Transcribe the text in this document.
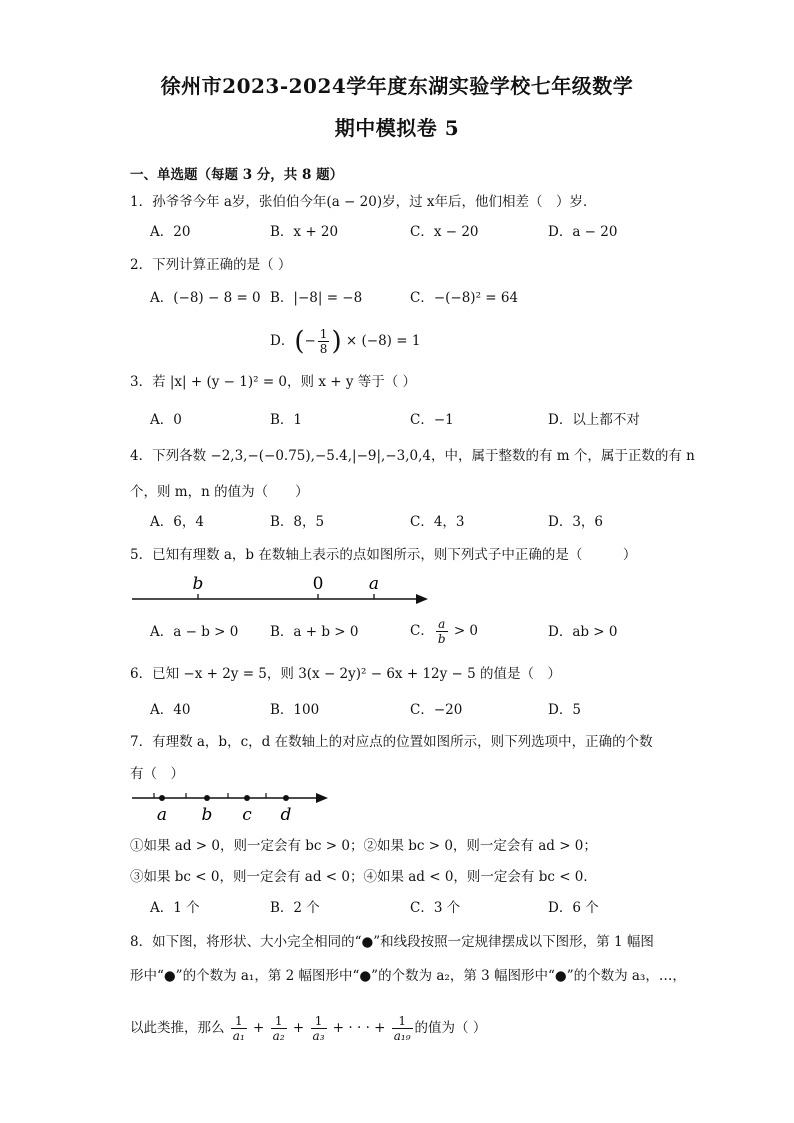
徐州市2023-2024学年度东湖实验学校七年级数学
期中模拟卷 5
一、单选题（每题 3 分，共 8 题）
1．孙爷爷今年 a岁，张伯伯今年(a − 20)岁，过 x年后，他们相差（　）岁．
A．20	B．x + 20	C．x − 20	D．a − 20
2．下列计算正确的是（ ）
A．(−8) − 8 = 0 B．|−8| = −8	C．−(−8)² = 64
D．(− $\frac{1}{8}$ ) × (−8) = 1
3．若 |x| + (y − 1)² = 0，则 x + y 等于（ ）
A．0	B．1	C．−1	D．以上都不对
4．下列各数 −2,3,−(−0.75),−5.4,|−9|,−3,0,4，中，属于整数的有 m 个，属于正数的有 n
个，则 m，n 的值为（　　）
A．6，4	B．8，5	C．4，3	D．3，6
5．已知有理数 a，b 在数轴上表示的点如图所示，则下列式子中正确的是（　　　）
b	0	a
A．a − b > 0 B．a + b > 0	C． $\frac{a}{b} > 0$	D．ab > 0
6．已知 −x + 2y = 5，则 3(x − 2y)² − 6x + 12y − 5 的值是（　）
A．40	B．100	C．−20	D．5
7．有理数 a，b，c，d 在数轴上的对应点的位置如图所示，则下列选项中，正确的个数
有（　）
a b c d
①如果 ad > 0，则一定会有 bc > 0；②如果 bc > 0，则一定会有 ad > 0；
③如果 bc < 0，则一定会有 ad < 0；④如果 ad < 0，则一定会有 bc < 0．
A．1 个	B．2 个	C．3 个	D．6 个
8．如下图，将形状、大小完全相同的“●”和线段按照一定规律摆成以下图形，第 1 幅图
形中“●”的个数为 a₁，第 2 幅图形中“●”的个数为 a₂，第 3 幅图形中“●”的个数为 a₃，…，
以此类推，那么 $\frac{1}{\text{a₁}} + \frac{1}{\text{a₂}} + \frac{1}{\text{a₃}}$ + · · · + $\frac{1}{\text{a₁₉}}$ 的值为（ ）
